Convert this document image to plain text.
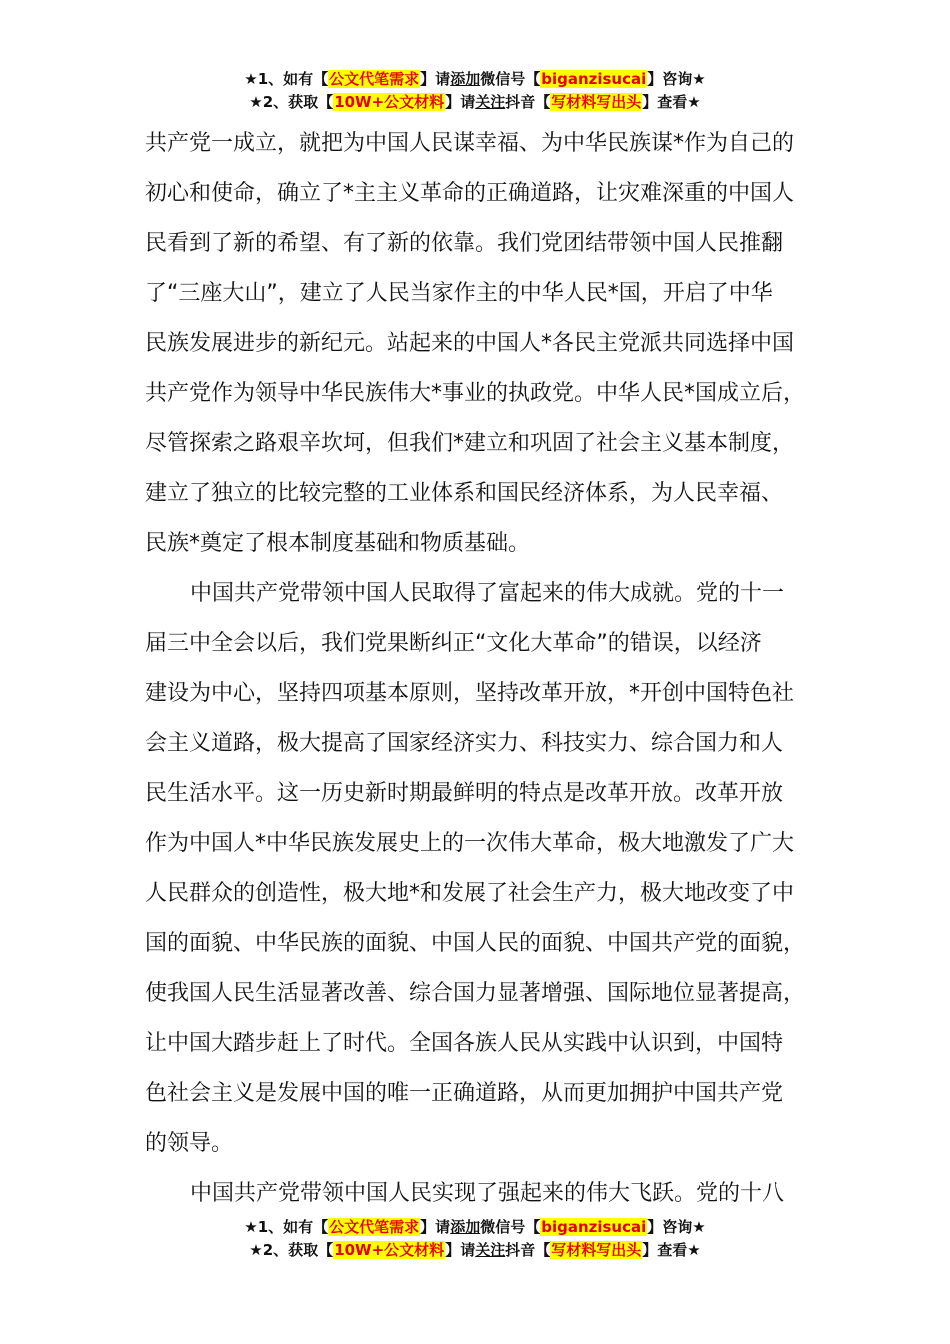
★1、如有【公文代笔需求】请添加微信号【biganzisucai】咨询★
★2、获取【10W+公文材料】请关注抖音【写材料写出头】查看★
共产党一成立，就把为中国人民谋幸福、为中华民族谋*作为自己的
初心和使命，确立了*主主义革命的正确道路，让灾难深重的中国人
民看到了新的希望、有了新的依靠。我们党团结带领中国人民推翻
了“三座大山”，建立了人民当家作主的中华人民*国，开启了中华
民族发展进步的新纪元。站起来的中国人*各民主党派共同选择中国
共产党作为领导中华民族伟大*事业的执政党。中华人民*国成立后，
尽管探索之路艰辛坎坷，但我们*建立和巩固了社会主义基本制度，
建立了独立的比较完整的工业体系和国民经济体系，为人民幸福、
民族*奠定了根本制度基础和物质基础。
中国共产党带领中国人民取得了富起来的伟大成就。党的十一
届三中全会以后，我们党果断纠正“文化大革命”的错误，以经济
建设为中心，坚持四项基本原则，坚持改革开放，*开创中国特色社
会主义道路，极大提高了国家经济实力、科技实力、综合国力和人
民生活水平。这一历史新时期最鲜明的特点是改革开放。改革开放
作为中国人*中华民族发展史上的一次伟大革命，极大地激发了广大
人民群众的创造性，极大地*和发展了社会生产力，极大地改变了中
国的面貌、中华民族的面貌、中国人民的面貌、中国共产党的面貌，
使我国人民生活显著改善、综合国力显著增强、国际地位显著提高，
让中国大踏步赶上了时代。全国各族人民从实践中认识到，中国特
色社会主义是发展中国的唯一正确道路，从而更加拥护中国共产党
的领导。
中国共产党带领中国人民实现了强起来的伟大飞跃。党的十八
★1、如有【公文代笔需求】请添加微信号【biganzisucai】咨询★
★2、获取【10W+公文材料】请关注抖音【写材料写出头】查看★
